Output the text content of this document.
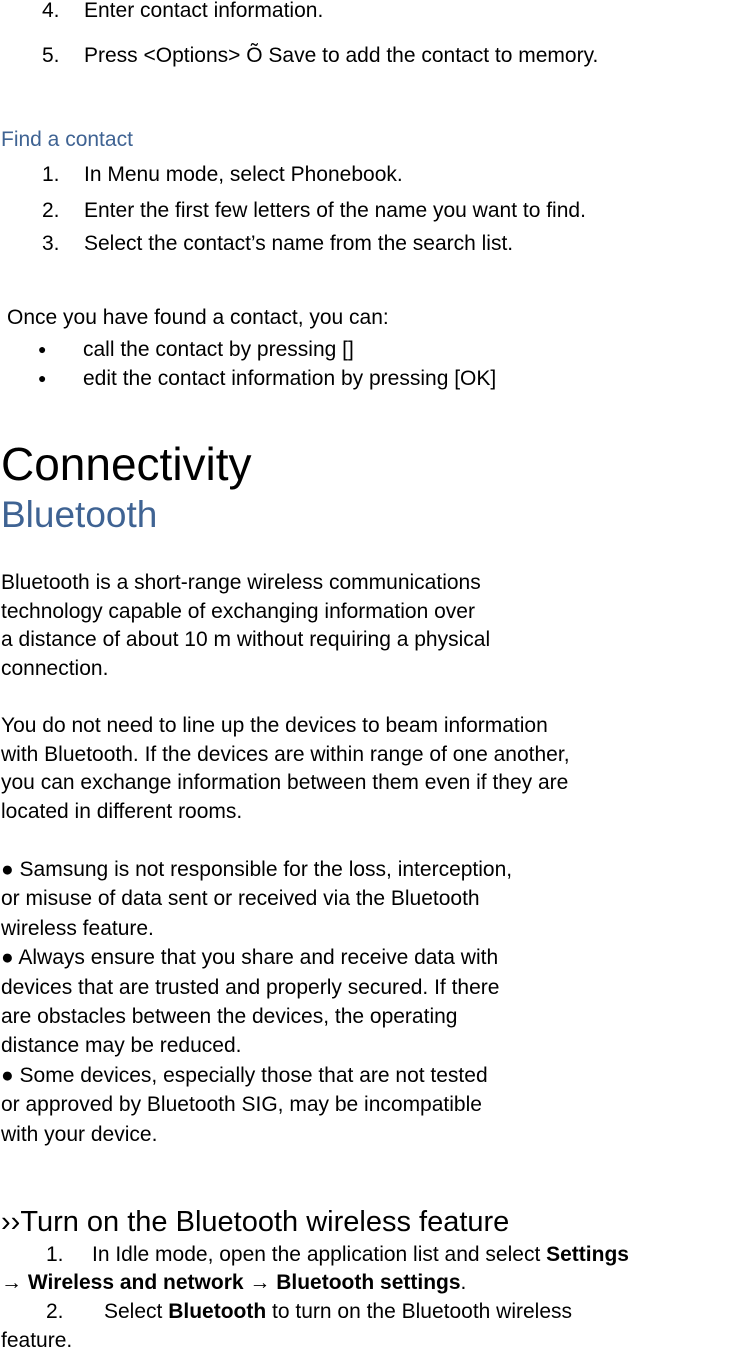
4. Enter contact information.
5. Press <Options> Õ Save to add the contact to memory.
Find a contact
1. In Menu mode, select Phonebook.
2. Enter the first few letters of the name you want to find.
3. Select the contact’s name from the search list.
Once you have found a contact, you can:
● call the contact by pressing []
● edit the contact information by pressing [OK]
Connectivity
Bluetooth
Bluetooth is a short-range wireless communications
technology capable of exchanging information over
a distance of about 10 m without requiring a physical
connection.
You do not need to line up the devices to beam information
with Bluetooth. If the devices are within range of one another,
you can exchange information between them even if they are
located in different rooms.
● Samsung is not responsible for the loss, interception,
or misuse of data sent or received via the Bluetooth
wireless feature.
● Always ensure that you share and receive data with
devices that are trusted and properly secured. If there
are obstacles between the devices, the operating
distance may be reduced.
● Some devices, especially those that are not tested
or approved by Bluetooth SIG, may be incompatible
with your device.
››Turn on the Bluetooth wireless feature
1. In Idle mode, open the application list and select Settings
→ Wireless and network → Bluetooth settings.
2. Select Bluetooth to turn on the Bluetooth wireless
feature.
